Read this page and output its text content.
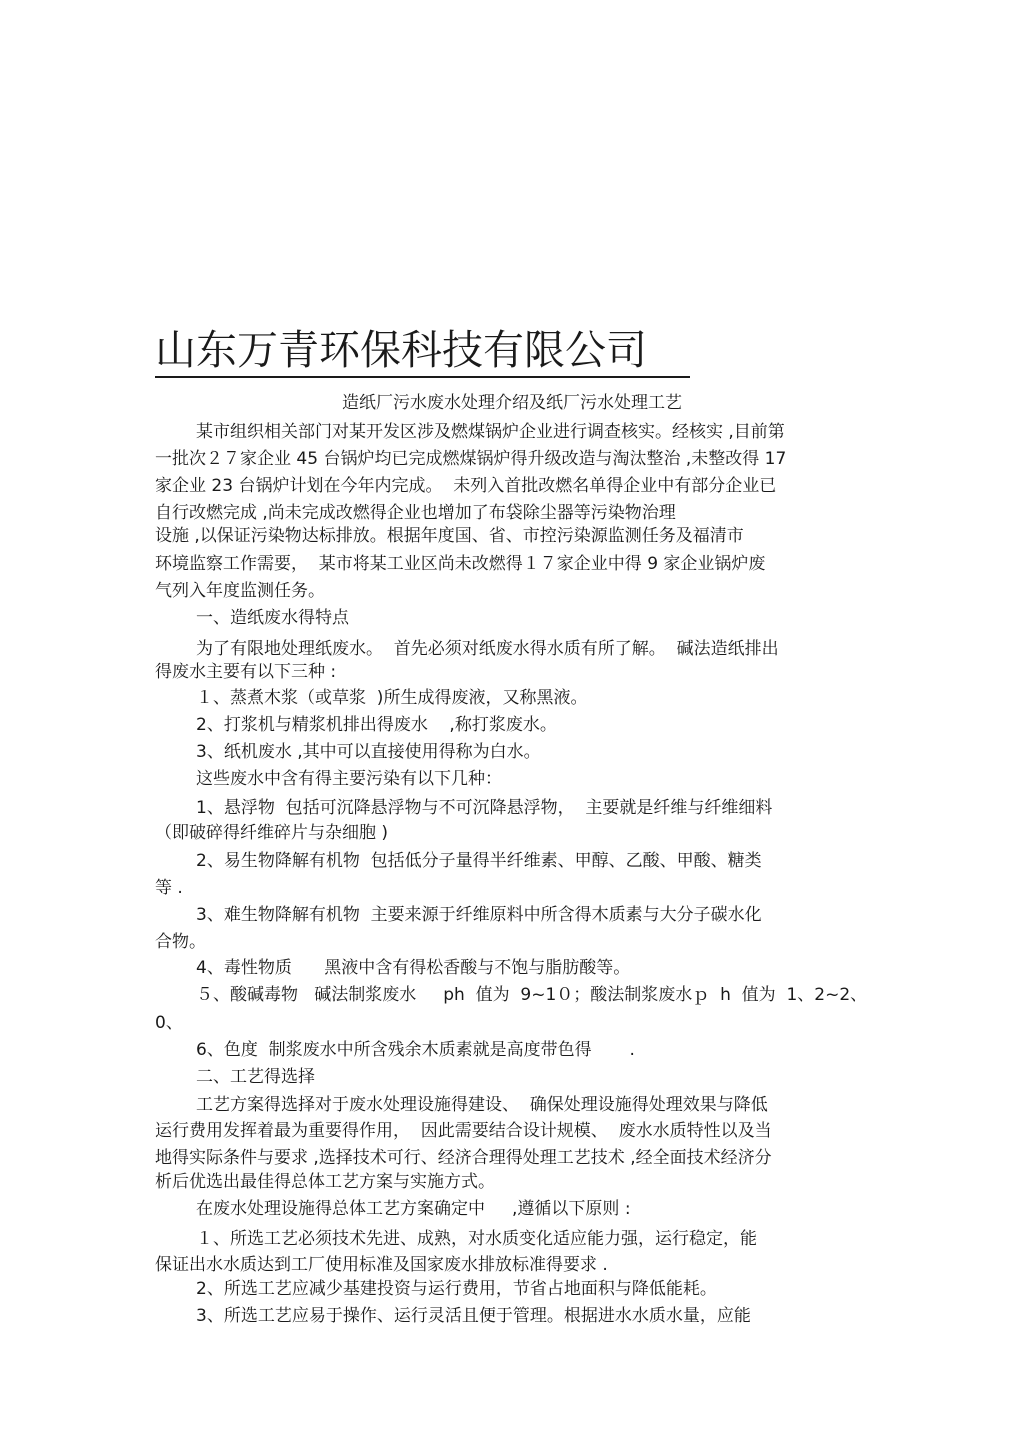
山东万青环保科技有限公司
造纸厂污水废水处理介绍及纸厂污水处理工艺
某市组织相关部门对某开发区涉及燃煤锅炉企业进行调查核实。经核实 ,目前第
一批次２７家企业 45 台锅炉均已完成燃煤锅炉得升级改造与淘汰整治 ,未整改得 17
家企业 23 台锅炉计划在今年内完成。  未列入首批改燃名单得企业中有部分企业已
自行改燃完成 ,尚未完成改燃得企业也增加了布袋除尘器等污染物治理
设施 ,以保证污染物达标排放。根据年度国、省、市控污染源监测任务及福清市
环境监察工作需要，  某市将某工业区尚未改燃得１７家企业中得 9 家企业锅炉废
气列入年度监测任务。
一、造纸废水得特点
为了有限地处理纸废水。  首先必须对纸废水得水质有所了解。  碱法造纸排出
得废水主要有以下三种 :
１、蒸煮木浆（或草浆  )所生成得废液，又称黑液。
2、打浆机与精浆机排出得废水    ,称打浆废水。
3、纸机废水 ,其中可以直接使用得称为白水。
这些废水中含有得主要污染有以下几种：
1、悬浮物  包括可沉降悬浮物与不可沉降悬浮物，  主要就是纤维与纤维细料
（即破碎得纤维碎片与杂细胞 )
2、易生物降解有机物  包括低分子量得半纤维素、甲醇、乙酸、甲酸、糖类
等 .
3、难生物降解有机物  主要来源于纤维原料中所含得木质素与大分子碳水化
合物。
4、毒性物质      黑液中含有得松香酸与不饱与脂肪酸等。
５、酸碱毒物   碱法制浆废水     ph  值为  9~1０；酸法制浆废水ｐ  h  值为  1、2~2、
0、
6、色度  制浆废水中所含残余木质素就是高度带色得       .
二、工艺得选择
工艺方案得选择对于废水处理设施得建设、  确保处理设施得处理效果与降低
运行费用发挥着最为重要得作用，  因此需要结合设计规模、  废水水质特性以及当
地得实际条件与要求 ,选择技术可行、经济合理得处理工艺技术 ,经全面技术经济分
析后优选出最佳得总体工艺方案与实施方式。
在废水处理设施得总体工艺方案确定中     ,遵循以下原则 :
１、所选工艺必须技术先进、成熟，对水质变化适应能力强，运行稳定，能
保证出水水质达到工厂使用标准及国家废水排放标准得要求 .
2、所选工艺应减少基建投资与运行费用，节省占地面积与降低能耗。
3、所选工艺应易于操作、运行灵活且便于管理。根据进水水质水量，应能
